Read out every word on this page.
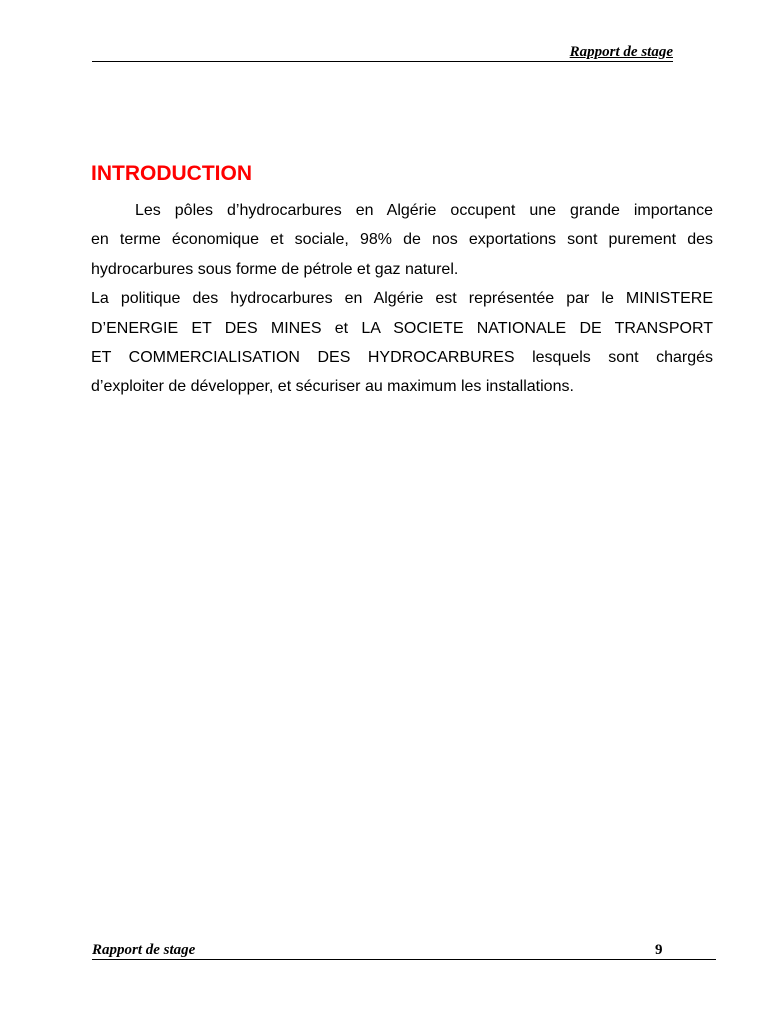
Rapport de stage
INTRODUCTION
Les pôles d’hydrocarbures en Algérie occupent une grande importance
en terme économique et sociale, 98% de nos exportations sont purement des
hydrocarbures sous forme de pétrole et gaz naturel.
La politique des hydrocarbures en Algérie est représentée par le MINISTERE
D’ENERGIE ET DES MINES et LA SOCIETE NATIONALE DE TRANSPORT
ET COMMERCIALISATION DES HYDROCARBURES lesquels sont chargés
d’exploiter de développer, et sécuriser au maximum les installations.
Rapport de stage	9
